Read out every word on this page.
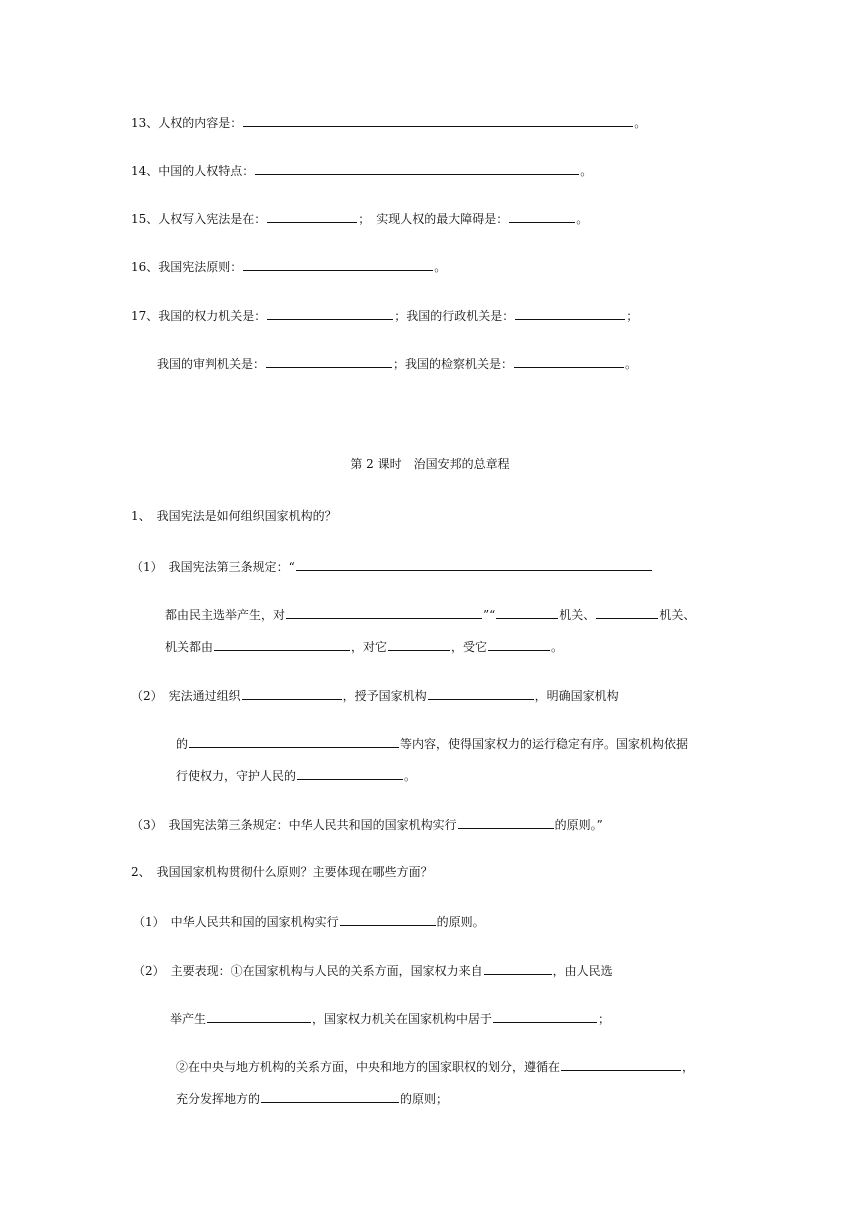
13、人权的内容是：	。
14、中国的人权特点：	。
15、人权写入宪法是在：	；　实现人权的最大障碍是：	。
16、我国宪法原则：	。
17、我国的权力机关是：	；我国的行政机关是：	；
我国的审判机关是：	；我国的检察机关是：	。
第 2 课时　治国安邦的总章程
1、　我国宪法是如何组织国家机构的？
（1）　我国宪法第三条规定：“
都由民主选举产生，对	”“	机关、	机关、
机关都由	，对它	，受它	。
（2）　宪法通过组织	，授予国家机构	，明确国家机构
的	等内容，使得国家权力的运行稳定有序。国家机构依据
行使权力，守护人民的	。
（3）　我国宪法第三条规定：中华人民共和国的国家机构实行	的原则。”
2、　我国国家机构贯彻什么原则？主要体现在哪些方面？
（1）　中华人民共和国的国家机构实行	的原则。
（2）　主要表现：①在国家机构与人民的关系方面，国家权力来自	，由人民选
举产生	，国家权力机关在国家机构中居于	；
②在中央与地方机构的关系方面，中央和地方的国家职权的划分，遵循在	，
充分发挥地方的	的原则；
